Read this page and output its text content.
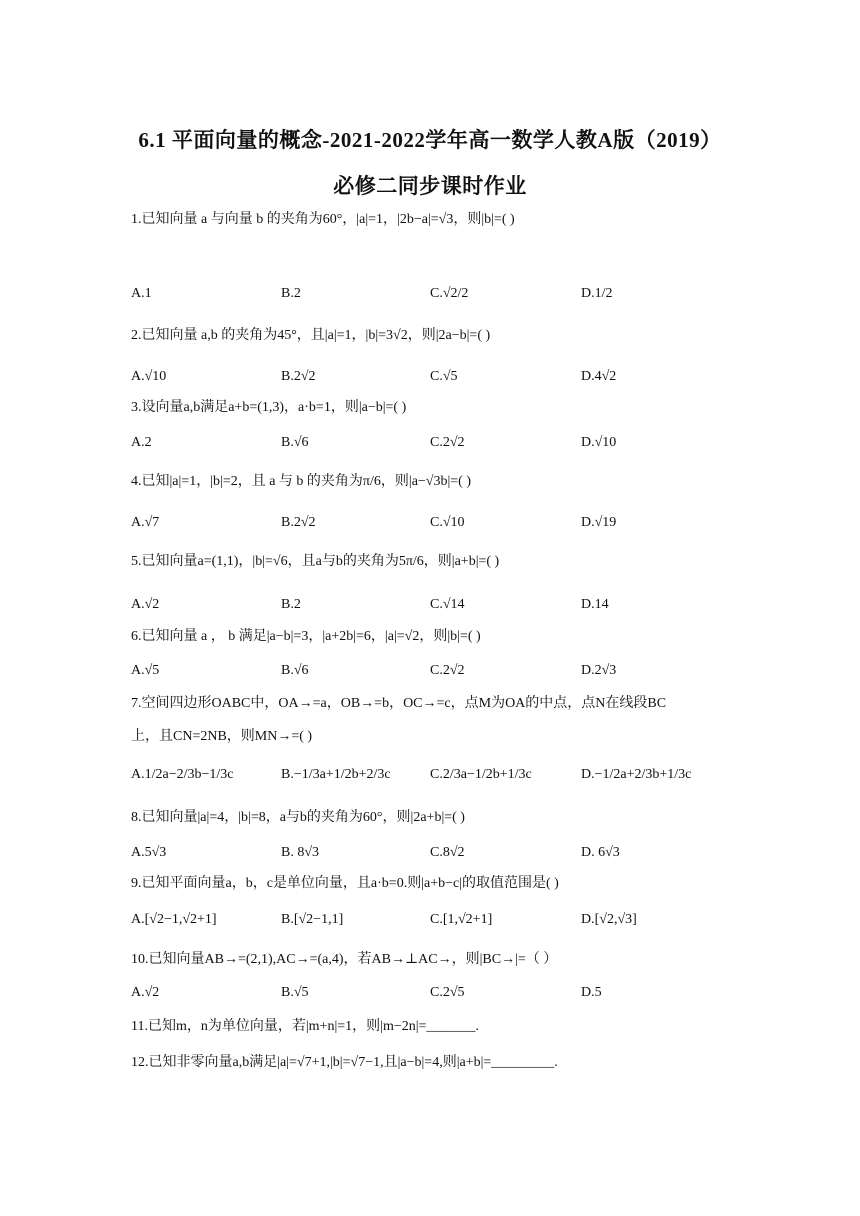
6.1 平面向量的概念-2021-2022学年高一数学人教A版（2019）
必修二同步课时作业
1.已知向量 a 与向量 b 的夹角为60°，|a|=1，|2b−a|=√3，则|b|=( )
A.1	B.2	C.√2/2	D.1/2
2.已知向量 a,b 的夹角为45°，且|a|=1，|b|=3√2，则|2a−b|=( )
A.√10	B.2√2	C.√5	D.4√2
3.设向量a,b满足a+b=(1,3)，a·b=1，则|a−b|=( )
A.2	B.√6	C.2√2	D.√10
4.已知|a|=1，|b|=2，且 a 与 b 的夹角为π/6，则|a−√3b|=( )
A.√7	B.2√2	C.√10	D.√19
5.已知向量a=(1,1)，|b|=√6，且a与b的夹角为5π/6，则|a+b|=( )
A.√2	B.2	C.√14	D.14
6.已知向量 a ， b 满足|a−b|=3，|a+2b|=6，|a|=√2，则|b|=( )
A.√5	B.√6	C.2√2	D.2√3
7.空间四边形OABC中，OA→=a，OB→=b，OC→=c，点M为OA的中点，点N在线段BC
上，且CN=2NB，则MN→=( )
A.1/2a−2/3b−1/3c	B.−1/3a+1/2b+2/3c	C.2/3a−1/2b+1/3c	D.−1/2a+2/3b+1/3c
8.已知向量|a|=4，|b|=8，a与b的夹角为60°，则|2a+b|=( )
A.5√3	B. 8√3	C.8√2	D. 6√3
9.已知平面向量a，b，c是单位向量，且a·b=0.则|a+b−c|的取值范围是( )
A.[√2−1,√2+1]	B.[√2−1,1]	C.[1,√2+1]	D.[√2,√3]
10.已知向量AB→=(2,1),AC→=(a,4)，若AB→⊥AC→，则|BC→|=（ ）
A.√2	B.√5	C.2√5	D.5
11.已知m，n为单位向量，若|m+n|=1，则|m−2n|=_______.
12.已知非零向量a,b满足|a|=√7+1,|b|=√7−1,且|a−b|=4,则|a+b|=_________.
